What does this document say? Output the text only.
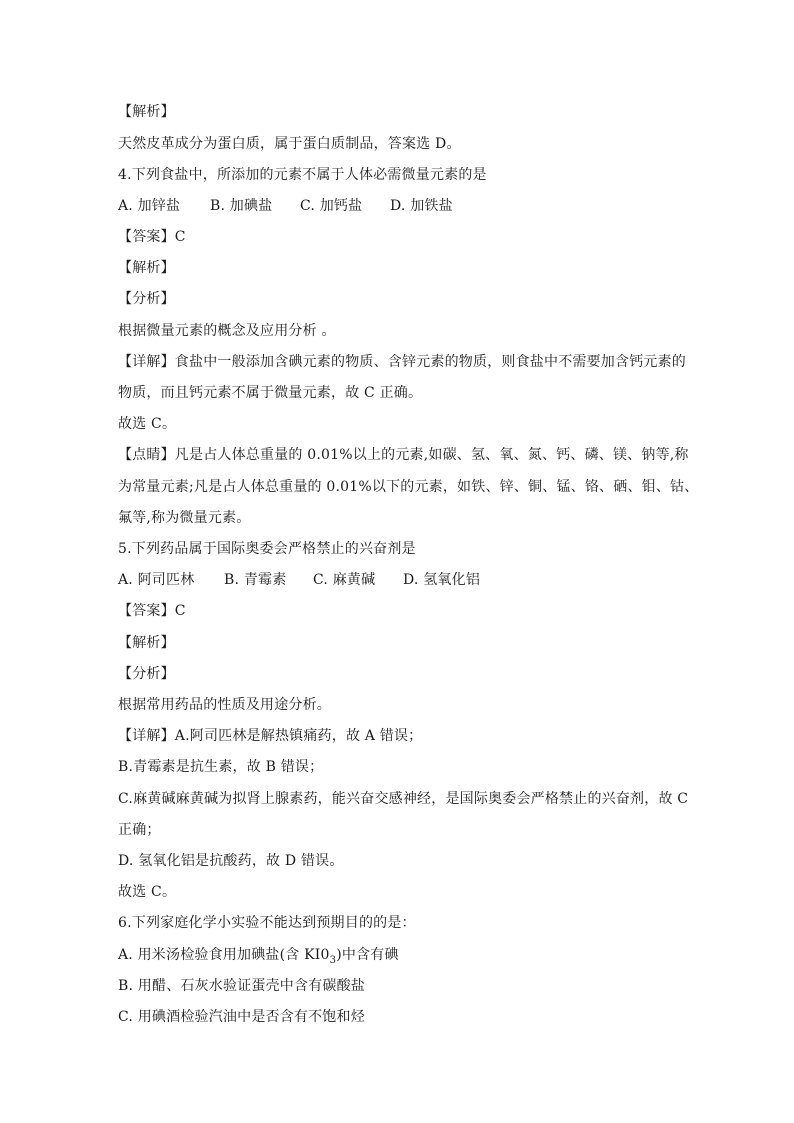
【解析】
天然皮革成分为蛋白质，属于蛋白质制品，答案选 D。
4.下列食盐中，所添加的元素不属于人体必需微量元素的是
A. 加锌盐 B. 加碘盐 C. 加钙盐 D. 加铁盐
【答案】C
【解析】
【分析】
根据微量元素的概念及应用分析 。
【详解】食盐中一般添加含碘元素的物质、含锌元素的物质，则食盐中不需要加含钙元素的
物质，而且钙元素不属于微量元素，故 C 正确。
故选 C。
【点睛】凡是占人体总重量的 0.01%以上的元素,如碳、氢、氧、氮、钙、磷、镁、钠等,称
为常量元素;凡是占人体总重量的 0.01%以下的元素，如铁、锌、铜、锰、铬、硒、钼、钴、
氟等,称为微量元素。
5.下列药品属于国际奥委会严格禁止的兴奋剂是
A. 阿司匹林 B. 青霉素 C. 麻黄碱 D. 氢氧化铝
【答案】C
【解析】
【分析】
根据常用药品的性质及用途分析。
【详解】A.阿司匹林是解热镇痛药，故 A 错误；
B.青霉素是抗生素，故 B 错误；
C.麻黄碱麻黄碱为拟肾上腺素药，能兴奋交感神经，是国际奥委会严格禁止的兴奋剂，故 C
正确；
D. 氢氧化铝是抗酸药，故 D 错误。
故选 C。
6.下列家庭化学小实验不能达到预期目的的是：
A. 用米汤检验食用加碘盐(含 $KI0_3$)中含有碘
B. 用醋、石灰水验证蛋壳中含有碳酸盐
C. 用碘酒检验汽油中是否含有不饱和烃
